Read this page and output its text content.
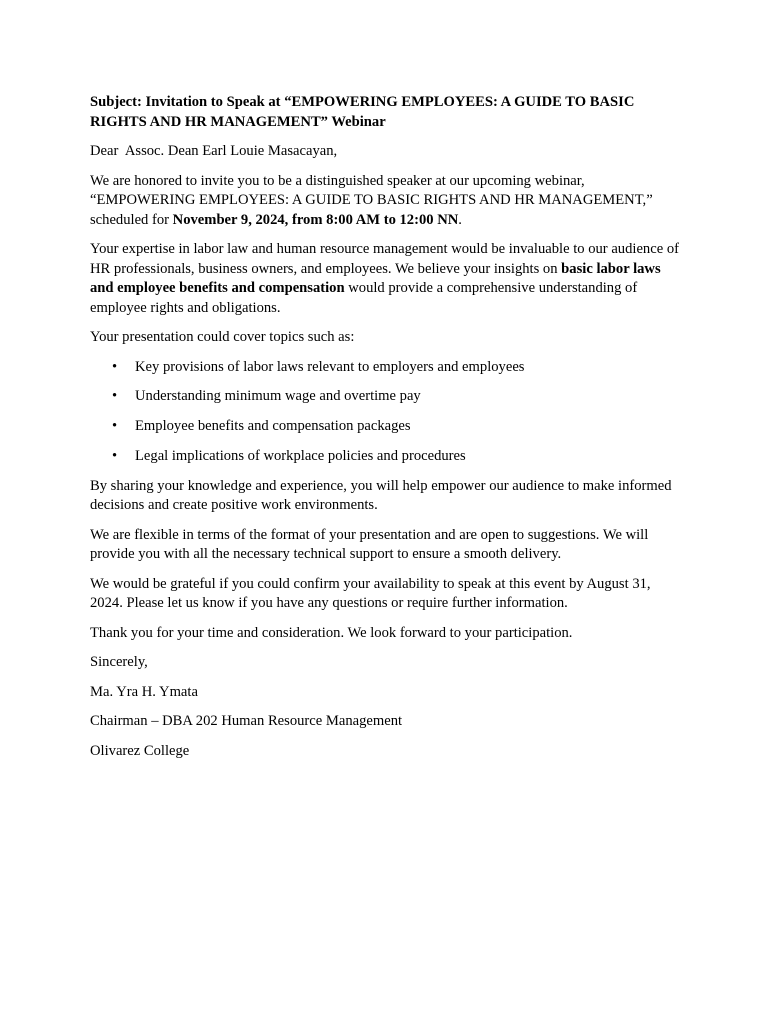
Subject: Invitation to Speak at “EMPOWERING EMPLOYEES: A GUIDE TO BASIC RIGHTS AND HR MANAGEMENT” Webinar

Dear  Assoc. Dean Earl Louie Masacayan,

We are honored to invite you to be a distinguished speaker at our upcoming webinar, “EMPOWERING EMPLOYEES: A GUIDE TO BASIC RIGHTS AND HR MANAGEMENT,” scheduled for November 9, 2024, from 8:00 AM to 12:00 NN.

Your expertise in labor law and human resource management would be invaluable to our audience of HR professionals, business owners, and employees. We believe your insights on basic labor laws and employee benefits and compensation would provide a comprehensive understanding of employee rights and obligations.

Your presentation could cover topics such as:

• Key provisions of labor laws relevant to employers and employees
• Understanding minimum wage and overtime pay
• Employee benefits and compensation packages
• Legal implications of workplace policies and procedures

By sharing your knowledge and experience, you will help empower our audience to make informed decisions and create positive work environments.

We are flexible in terms of the format of your presentation and are open to suggestions. We will provide you with all the necessary technical support to ensure a smooth delivery.

We would be grateful if you could confirm your availability to speak at this event by August 31, 2024. Please let us know if you have any questions or require further information.

Thank you for your time and consideration. We look forward to your participation.

Sincerely,

Ma. Yra H. Ymata

Chairman – DBA 202 Human Resource Management

Olivarez College
